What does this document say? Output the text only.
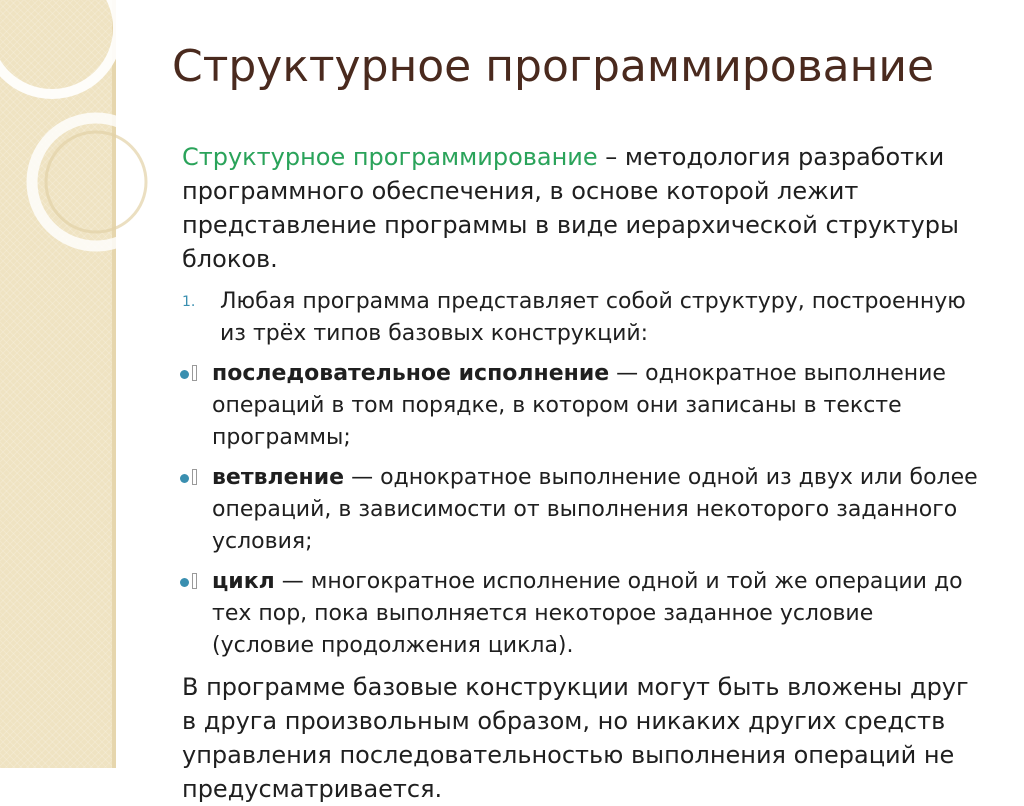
Структурное программирование

Структурное программирование – методология разработки программного обеспечения, в основе которой лежит представление программы в виде иерархической структуры блоков.

1. Любая программа представляет собой структуру, построенную из трёх типов базовых конструкций:
последовательное исполнение — однократное выполнение операций в том порядке, в котором они записаны в тексте программы;
ветвление — однократное выполнение одной из двух или более операций, в зависимости от выполнения некоторого заданного условия;
цикл — многократное исполнение одной и той же операции до тех пор, пока выполняется некоторое заданное условие (условие продолжения цикла).

В программе базовые конструкции могут быть вложены друг в друга произвольным образом, но никаких других средств управления последовательностью выполнения операций не предусматривается.
